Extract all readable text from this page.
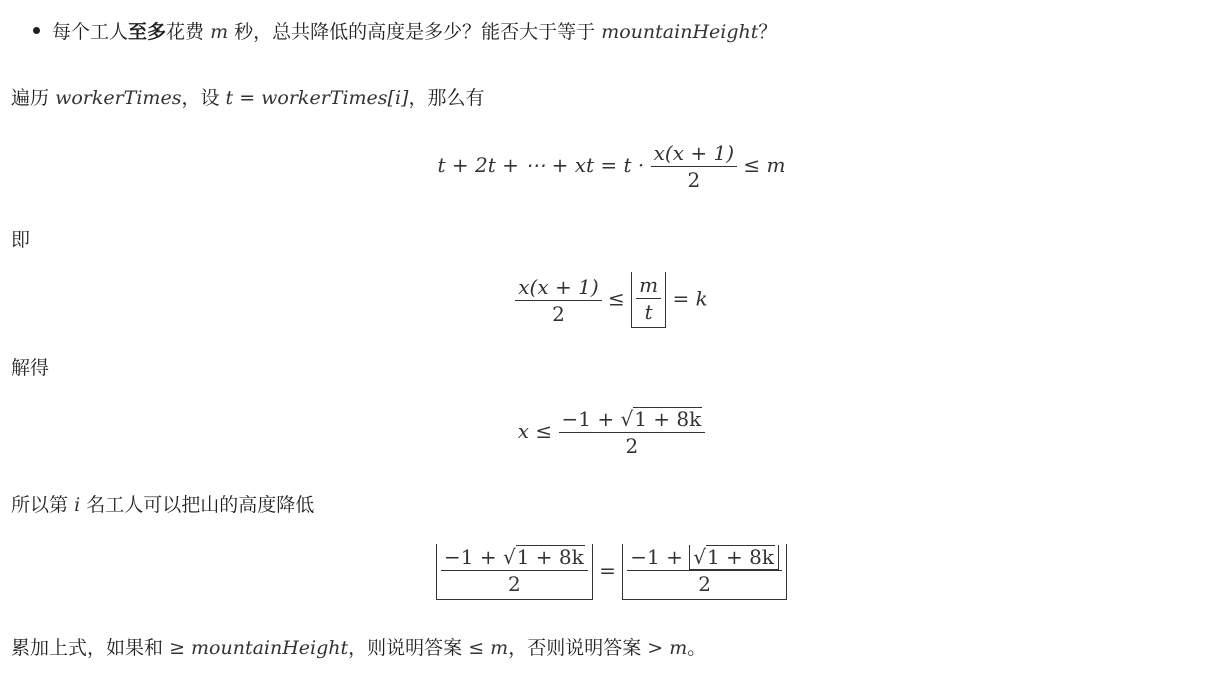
每个工人至多花费 m 秒，总共降低的高度是多少？能否大于等于 mountainHeight？
遍历 workerTimes，设 t = workerTimes[i]，那么有
t + 2t + ⋯ + xt = $t \cdot \frac{x(x + 1)}{2} \le m$
即
$\frac{x(x + 1)}{2} \le \frac{m}{t} = k$
解得
$x \le \frac{-1 + √1 + 8k}{2}$
所以第 i 名工人可以把山的高度降低
$\frac{-1 + √1 + 8k}{2} = \frac{-1 + √1 + 8k}{2}$
累加上式，如果和 ≥ mountainHeight，则说明答案 ≤ m，否则说明答案 > m。
